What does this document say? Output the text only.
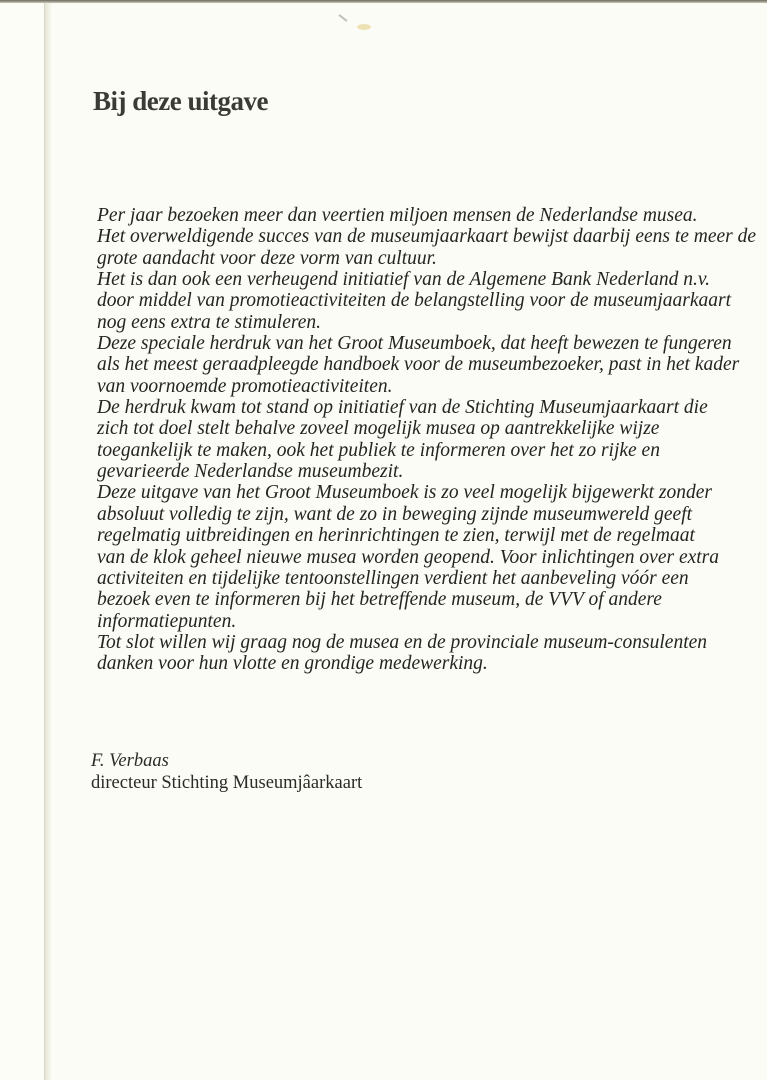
Bij deze uitgave

Per jaar bezoeken meer dan veertien miljoen mensen de Nederlandse musea.
Het overweldigende succes van de museumjaarkaart bewijst daarbij eens te meer de
grote aandacht voor deze vorm van cultuur.
Het is dan ook een verheugend initiatief van de Algemene Bank Nederland n.v.
door middel van promotieactiviteiten de belangstelling voor de museumjaarkaart
nog eens extra te stimuleren.
Deze speciale herdruk van het Groot Museumboek, dat heeft bewezen te fungeren
als het meest geraadpleegde handboek voor de museumbezoeker, past in het kader
van voornoemde promotieactiviteiten.
De herdruk kwam tot stand op initiatief van de Stichting Museumjaarkaart die
zich tot doel stelt behalve zoveel mogelijk musea op aantrekkelijke wijze
toegankelijk te maken, ook het publiek te informeren over het zo rijke en
gevarieerde Nederlandse museumbezit.
Deze uitgave van het Groot Museumboek is zo veel mogelijk bijgewerkt zonder
absoluut volledig te zijn, want de zo in beweging zijnde museumwereld geeft
regelmatig uitbreidingen en herinrichtingen te zien, terwijl met de regelmaat
van de klok geheel nieuwe musea worden geopend. Voor inlichtingen over extra
activiteiten en tijdelijke tentoonstellingen verdient het aanbeveling vóór een
bezoek even te informeren bij het betreffende museum, de VVV of andere
informatiepunten.
Tot slot willen wij graag nog de musea en de provinciale museum-consulenten
danken voor hun vlotte en grondige medewerking.

F. Verbaas
directeur Stichting Museumjâarkaart
